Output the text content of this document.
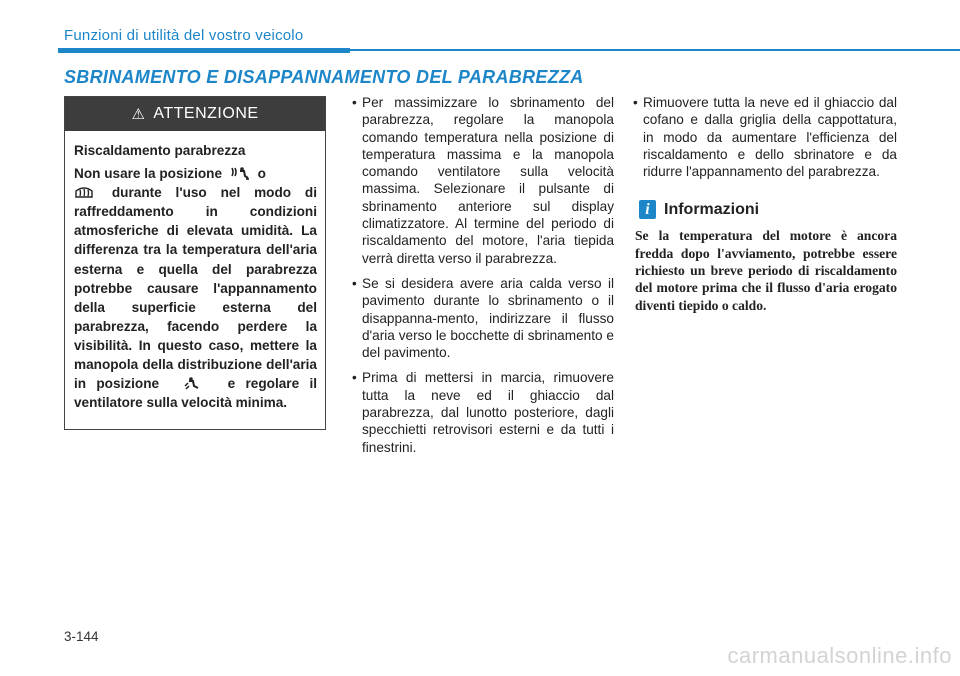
Funzioni di utilità del vostro veicolo
SBRINAMENTO E DISAPPANNAMENTO DEL PARABREZZA
⚠ ATTENZIONE
Riscaldamento parabrezza
Non usare la posizione	o
durante l'uso nel modo di raffreddamento in condizioni atmosferiche di elevata umidità. La differenza tra la temperatura dell'aria esterna e quella del parabrezza potrebbe causare l'appannamento della superficie esterna del parabrezza, facendo perdere la visibilità. In questo caso, mettere la manopola della distribuzione dell'aria in posizione	e regolare il ventilatore sulla velocità minima.
• Per massimizzare lo sbrinamento del parabrezza, regolare la manopola comando temperatura nella posizione di temperatura massima e la manopola comando ventilatore sulla velocità massima. Selezionare il pulsante di sbrinamento anteriore sul display climatizzatore. Al termine del periodo di riscaldamento del motore, l'aria tiepida verrà diretta verso il parabrezza.
• Se si desidera avere aria calda verso il pavimento durante lo sbrinamento o il disappanna-mento, indirizzare il flusso d'aria verso le bocchette di sbrinamento e del pavimento.
• Prima di mettersi in marcia, rimuovere tutta la neve ed il ghiaccio dal parabrezza, dal lunotto posteriore, dagli specchietti retrovisori esterni e da tutti i finestrini.
• Rimuovere tutta la neve ed il ghiaccio dal cofano e dalla griglia della cappottatura, in modo da aumentare l'efficienza del riscaldamento e dello sbrinatore e da ridurre l'appannamento del parabrezza.
i Informazioni
Se la temperatura del motore è ancora fredda dopo l'avviamento, potrebbe essere richiesto un breve periodo di riscaldamento del motore prima che il flusso d'aria erogato diventi tiepido o caldo.
3-144
carmanualsonline.info
